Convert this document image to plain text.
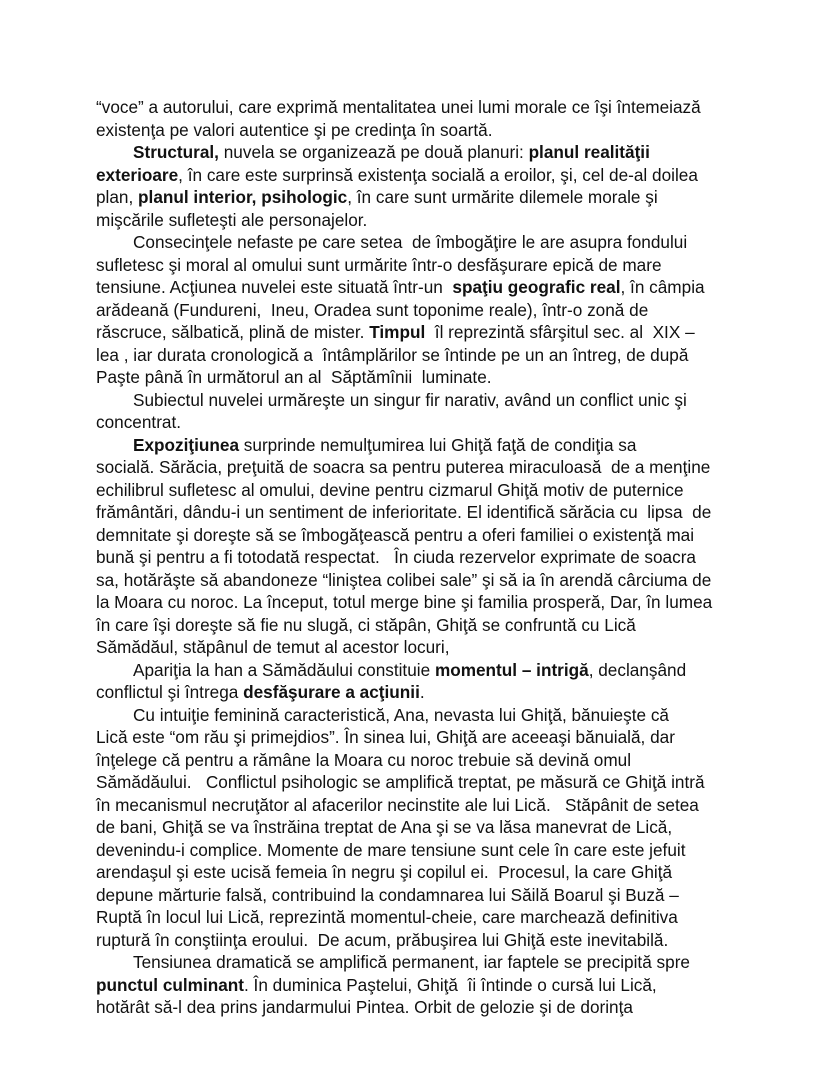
“voce” a autorului, care exprimă mentalitatea unei lumi morale ce îşi întemeiază
existenţa pe valori autentice şi pe credinţa în soartă.
Structural, nuvela se organizează pe două planuri: planul realităţii
exterioare, în care este surprinsă existenţa socială a eroilor, şi, cel de-al doilea
plan, planul interior, psihologic, în care sunt urmărite dilemele morale şi
mişcările sufleteşti ale personajelor.
Consecinţele nefaste pe care setea  de îmbogăţire le are asupra fondului
sufletesc şi moral al omului sunt urmărite într-o desfăşurare epică de mare
tensiune. Acţiunea nuvelei este situată într-un  spaţiu geografic real, în câmpia
arădeană (Fundureni,  Ineu, Oradea sunt toponime reale), într-o zonă de
răscruce, sălbatică, plină de mister. Timpul  îl reprezintă sfârşitul sec. al  XIX –
lea , iar durata cronologică a  întâmplărilor se întinde pe un an întreg, de după
Paşte până în următorul an al  Săptămînii  luminate.
Subiectul nuvelei urmăreşte un singur fir narativ, având un conflict unic şi
concentrat.
Expoziţiunea surprinde nemulţumirea lui Ghiţă faţă de condiţia sa
socială. Sărăcia, preţuită de soacra sa pentru puterea miraculoasă  de a menţine
echilibrul sufletesc al omului, devine pentru cizmarul Ghiţă motiv de puternice
frământări, dându-i un sentiment de inferioritate. El identifică sărăcia cu  lipsa  de
demnitate şi doreşte să se îmbogăţească pentru a oferi familiei o existenţă mai
bună şi pentru a fi totodată respectat.   În ciuda rezervelor exprimate de soacra
sa, hotărăşte să abandoneze “liniştea colibei sale” şi să ia în arendă cârciuma de
la Moara cu noroc. La început, totul merge bine şi familia prosperă, Dar, în lumea
în care îşi doreşte să fie nu slugă, ci stăpân, Ghiţă se confruntă cu Lică
Sămădăul, stăpânul de temut al acestor locuri,
Apariţia la han a Sămădăului constituie momentul – intrigă, declanşând
conflictul şi întrega desfăşurare a acţiunii.
Cu intuiţie feminină caracteristică, Ana, nevasta lui Ghiţă, bănuieşte că
Lică este “om rău şi primejdios”. În sinea lui, Ghiţă are aceeaşi bănuială, dar
înţelege că pentru a rămâne la Moara cu noroc trebuie să devină omul
Sămădăului.   Conflictul psihologic se amplifică treptat, pe măsură ce Ghiţă intră
în mecanismul necruţător al afacerilor necinstite ale lui Lică.   Stăpânit de setea
de bani, Ghiţă se va înstrăina treptat de Ana şi se va lăsa manevrat de Lică,
devenindu-i complice. Momente de mare tensiune sunt cele în care este jefuit
arendaşul şi este ucisă femeia în negru şi copilul ei.  Procesul, la care Ghiţă
depune mărturie falsă, contribuind la condamnarea lui Săilă Boarul şi Buză –
Ruptă în locul lui Lică, reprezintă momentul-cheie, care marchează definitiva
ruptură în conştiinţa eroului.  De acum, prăbuşirea lui Ghiţă este inevitabilă.
Tensiunea dramatică se amplifică permanent, iar faptele se precipită spre
punctul culminant. În duminica Paştelui, Ghiţă  îi întinde o cursă lui Lică,
hotărât să-l dea prins jandarmului Pintea. Orbit de gelozie şi de dorinţa
